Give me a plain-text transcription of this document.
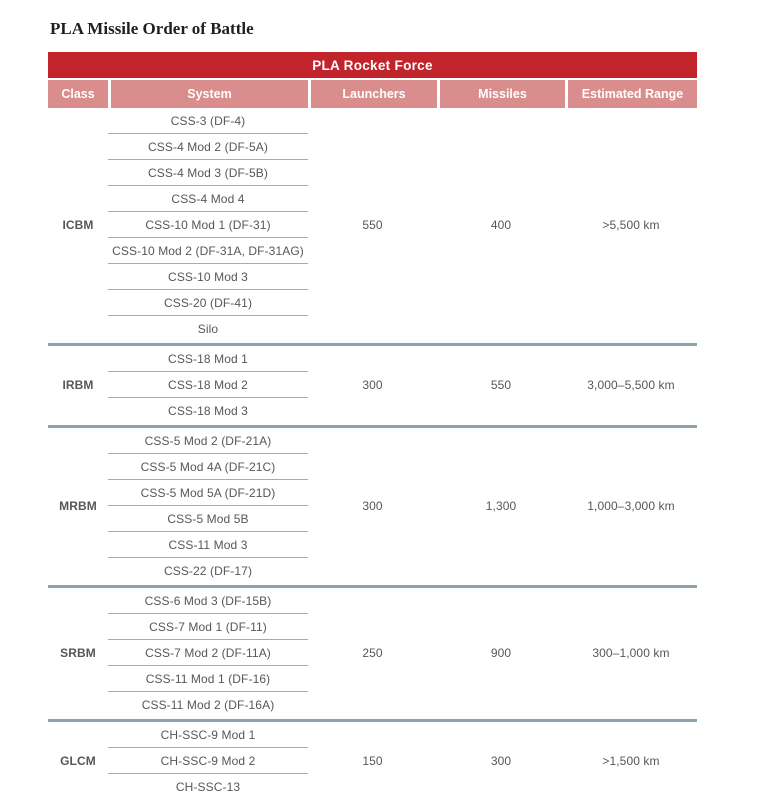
PLA Missile Order of Battle
PLA Rocket Force
Class	System	Launchers	Missiles	Estimated Range
ICBM	CSS-3 (DF-4)	550	400	>5,500 km
	CSS-4 Mod 2 (DF-5A)			
	CSS-4 Mod 3 (DF-5B)			
	CSS-4 Mod 4			
	CSS-10 Mod 1 (DF-31)			
	CSS-10 Mod 2 (DF-31A, DF-31AG)			
	CSS-10 Mod 3			
	CSS-20 (DF-41)			
	Silo			

IRBM	CSS-18 Mod 1	300	550	3,000–5,500 km
	CSS-18 Mod 2			
	CSS-18 Mod 3			

MRBM	CSS-5 Mod 2 (DF-21A)	300	1,300	1,000–3,000 km
	CSS-5 Mod 4A (DF-21C)			
	CSS-5 Mod 5A (DF-21D)			
	CSS-5 Mod 5B			
	CSS-11 Mod 3			
	CSS-22 (DF-17)			

SRBM	CSS-6 Mod 3 (DF-15B)	250	900	300–1,000 km
	CSS-7 Mod 1 (DF-11)			
	CSS-7 Mod 2 (DF-11A)			
	CSS-11 Mod 1 (DF-16)			
	CSS-11 Mod 2 (DF-16A)			

GLCM	CH-SSC-9 Mod 1	150	300	>1,500 km
	CH-SSC-9 Mod 2			
	CH-SSC-13			
